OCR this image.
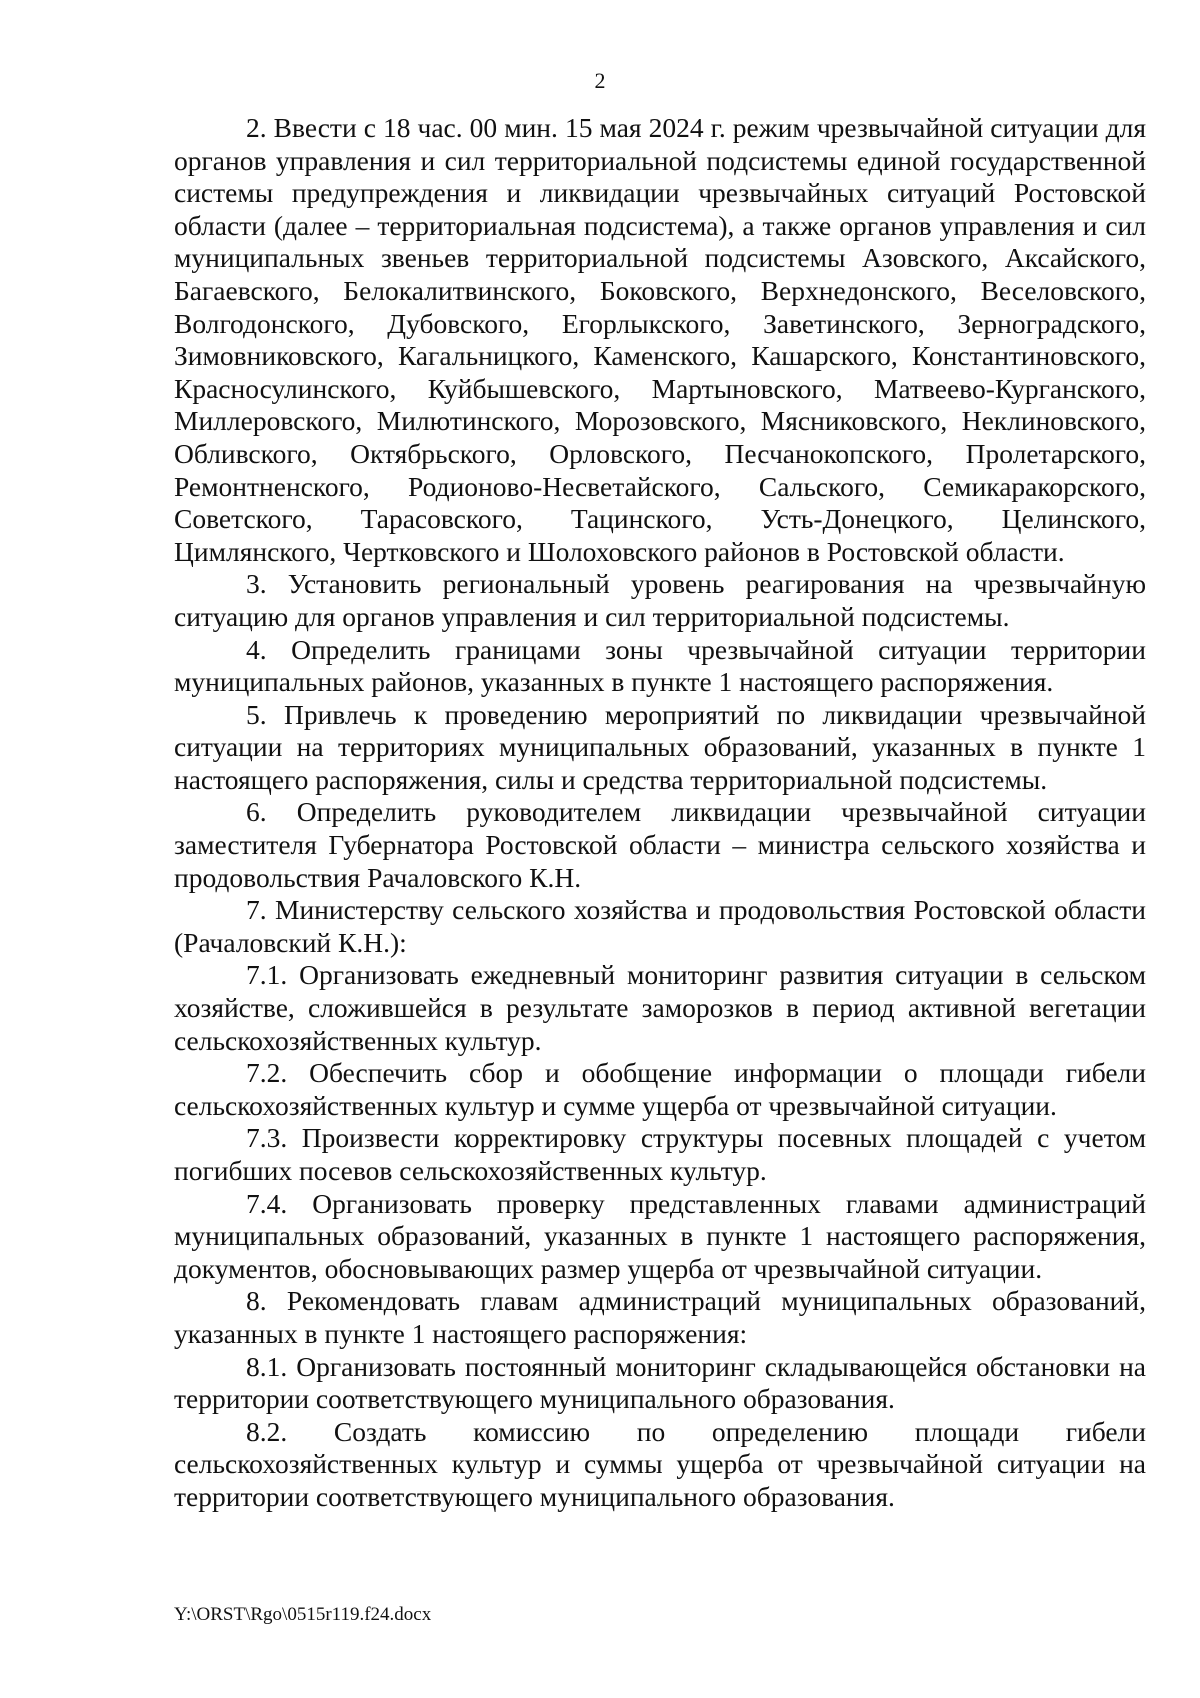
2

2. Ввести с 18 час. 00 мин. 15 мая 2024 г. режим чрезвычайной ситуации для органов управления и сил территориальной подсистемы единой государственной системы предупреждения и ликвидации чрезвычайных ситуаций Ростовской области (далее – территориальная подсистема), а также органов управления и сил муниципальных звеньев территориальной подсистемы Азовского, Аксайского, Багаевского, Белокалитвинского, Боковского, Верхнедонского, Веселовского, Волгодонского, Дубовского, Егорлыкского, Заветинского, Зерноградского, Зимовниковского, Кагальницкого, Каменского, Кашарского, Константиновского, Красносулинского, Куйбышевского, Мартыновского, Матвеево-Курганского, Миллеровского, Милютинского, Морозовского, Мясниковского, Неклиновского, Обливского, Октябрьского, Орловского, Песчанокопского, Пролетарского, Ремонтненского, Родионово-Несветайского, Сальского, Семикаракорского, Советского, Тарасовского, Тацинского, Усть-Донецкого, Целинского, Цимлянского, Чертковского и Шолоховского районов в Ростовской области.

3. Установить региональный уровень реагирования на чрезвычайную ситуацию для органов управления и сил территориальной подсистемы.

4. Определить границами зоны чрезвычайной ситуации территории муниципальных районов, указанных в пункте 1 настоящего распоряжения.

5. Привлечь к проведению мероприятий по ликвидации чрезвычайной ситуации на территориях муниципальных образований, указанных в пункте 1 настоящего распоряжения, силы и средства территориальной подсистемы.

6. Определить руководителем ликвидации чрезвычайной ситуации заместителя Губернатора Ростовской области – министра сельского хозяйства и продовольствия Рачаловского К.Н.

7. Министерству сельского хозяйства и продовольствия Ростовской области (Рачаловский К.Н.):

7.1. Организовать ежедневный мониторинг развития ситуации в сельском хозяйстве, сложившейся в результате заморозков в период активной вегетации сельскохозяйственных культур.

7.2. Обеспечить сбор и обобщение информации о площади гибели сельскохозяйственных культур и сумме ущерба от чрезвычайной ситуации.

7.3. Произвести корректировку структуры посевных площадей с учетом погибших посевов сельскохозяйственных культур.

7.4. Организовать проверку представленных главами администраций муниципальных образований, указанных в пункте 1 настоящего распоряжения, документов, обосновывающих размер ущерба от чрезвычайной ситуации.

8. Рекомендовать главам администраций муниципальных образований, указанных в пункте 1 настоящего распоряжения:

8.1. Организовать постоянный мониторинг складывающейся обстановки на территории соответствующего муниципального образования.

8.2. Создать комиссию по определению площади гибели сельскохозяйственных культур и суммы ущерба от чрезвычайной ситуации на территории соответствующего муниципального образования.

Y:\ORST\Rgo\0515r119.f24.docx
